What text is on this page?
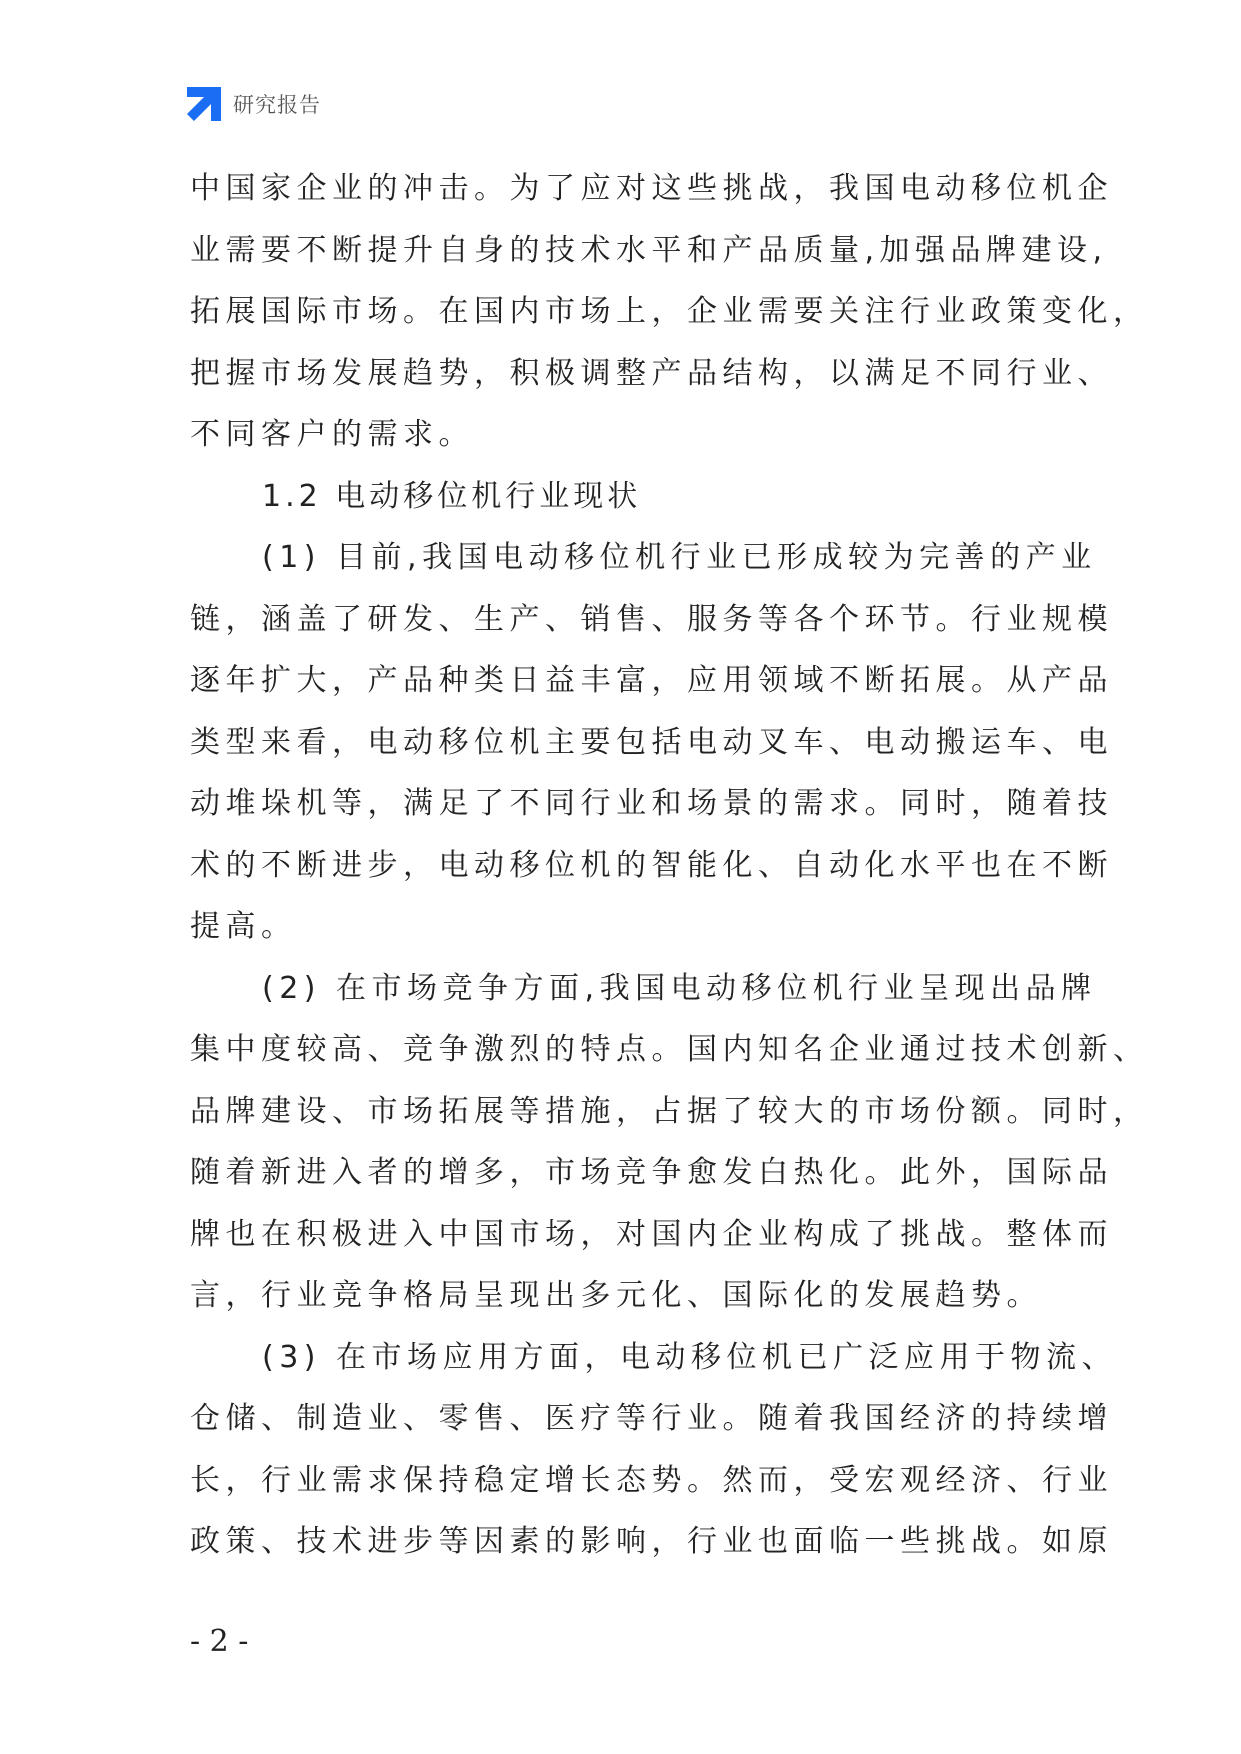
研究报告
中国家企业的冲击。为了应对这些挑战，我国电动移位机企
业需要不断提升自身的技术水平和产品质量,加强品牌建设,
拓展国际市场。在国内市场上，企业需要关注行业政策变化，
把握市场发展趋势，积极调整产品结构，以满足不同行业、
不同客户的需求。
1.2 电动移位机行业现状
(1) 目前,我国电动移位机行业已形成较为完善的产业
链，涵盖了研发、生产、销售、服务等各个环节。行业规模
逐年扩大，产品种类日益丰富，应用领域不断拓展。从产品
类型来看，电动移位机主要包括电动叉车、电动搬运车、电
动堆垛机等，满足了不同行业和场景的需求。同时，随着技
术的不断进步，电动移位机的智能化、自动化水平也在不断
提高。
(2) 在市场竞争方面,我国电动移位机行业呈现出品牌
集中度较高、竞争激烈的特点。国内知名企业通过技术创新、
品牌建设、市场拓展等措施，占据了较大的市场份额。同时，
随着新进入者的增多，市场竞争愈发白热化。此外，国际品
牌也在积极进入中国市场，对国内企业构成了挑战。整体而
言，行业竞争格局呈现出多元化、国际化的发展趋势。
(3) 在市场应用方面，电动移位机已广泛应用于物流、
仓储、制造业、零售、医疗等行业。随着我国经济的持续增
长，行业需求保持稳定增长态势。然而，受宏观经济、行业
政策、技术进步等因素的影响，行业也面临一些挑战。如原
- 2 -
